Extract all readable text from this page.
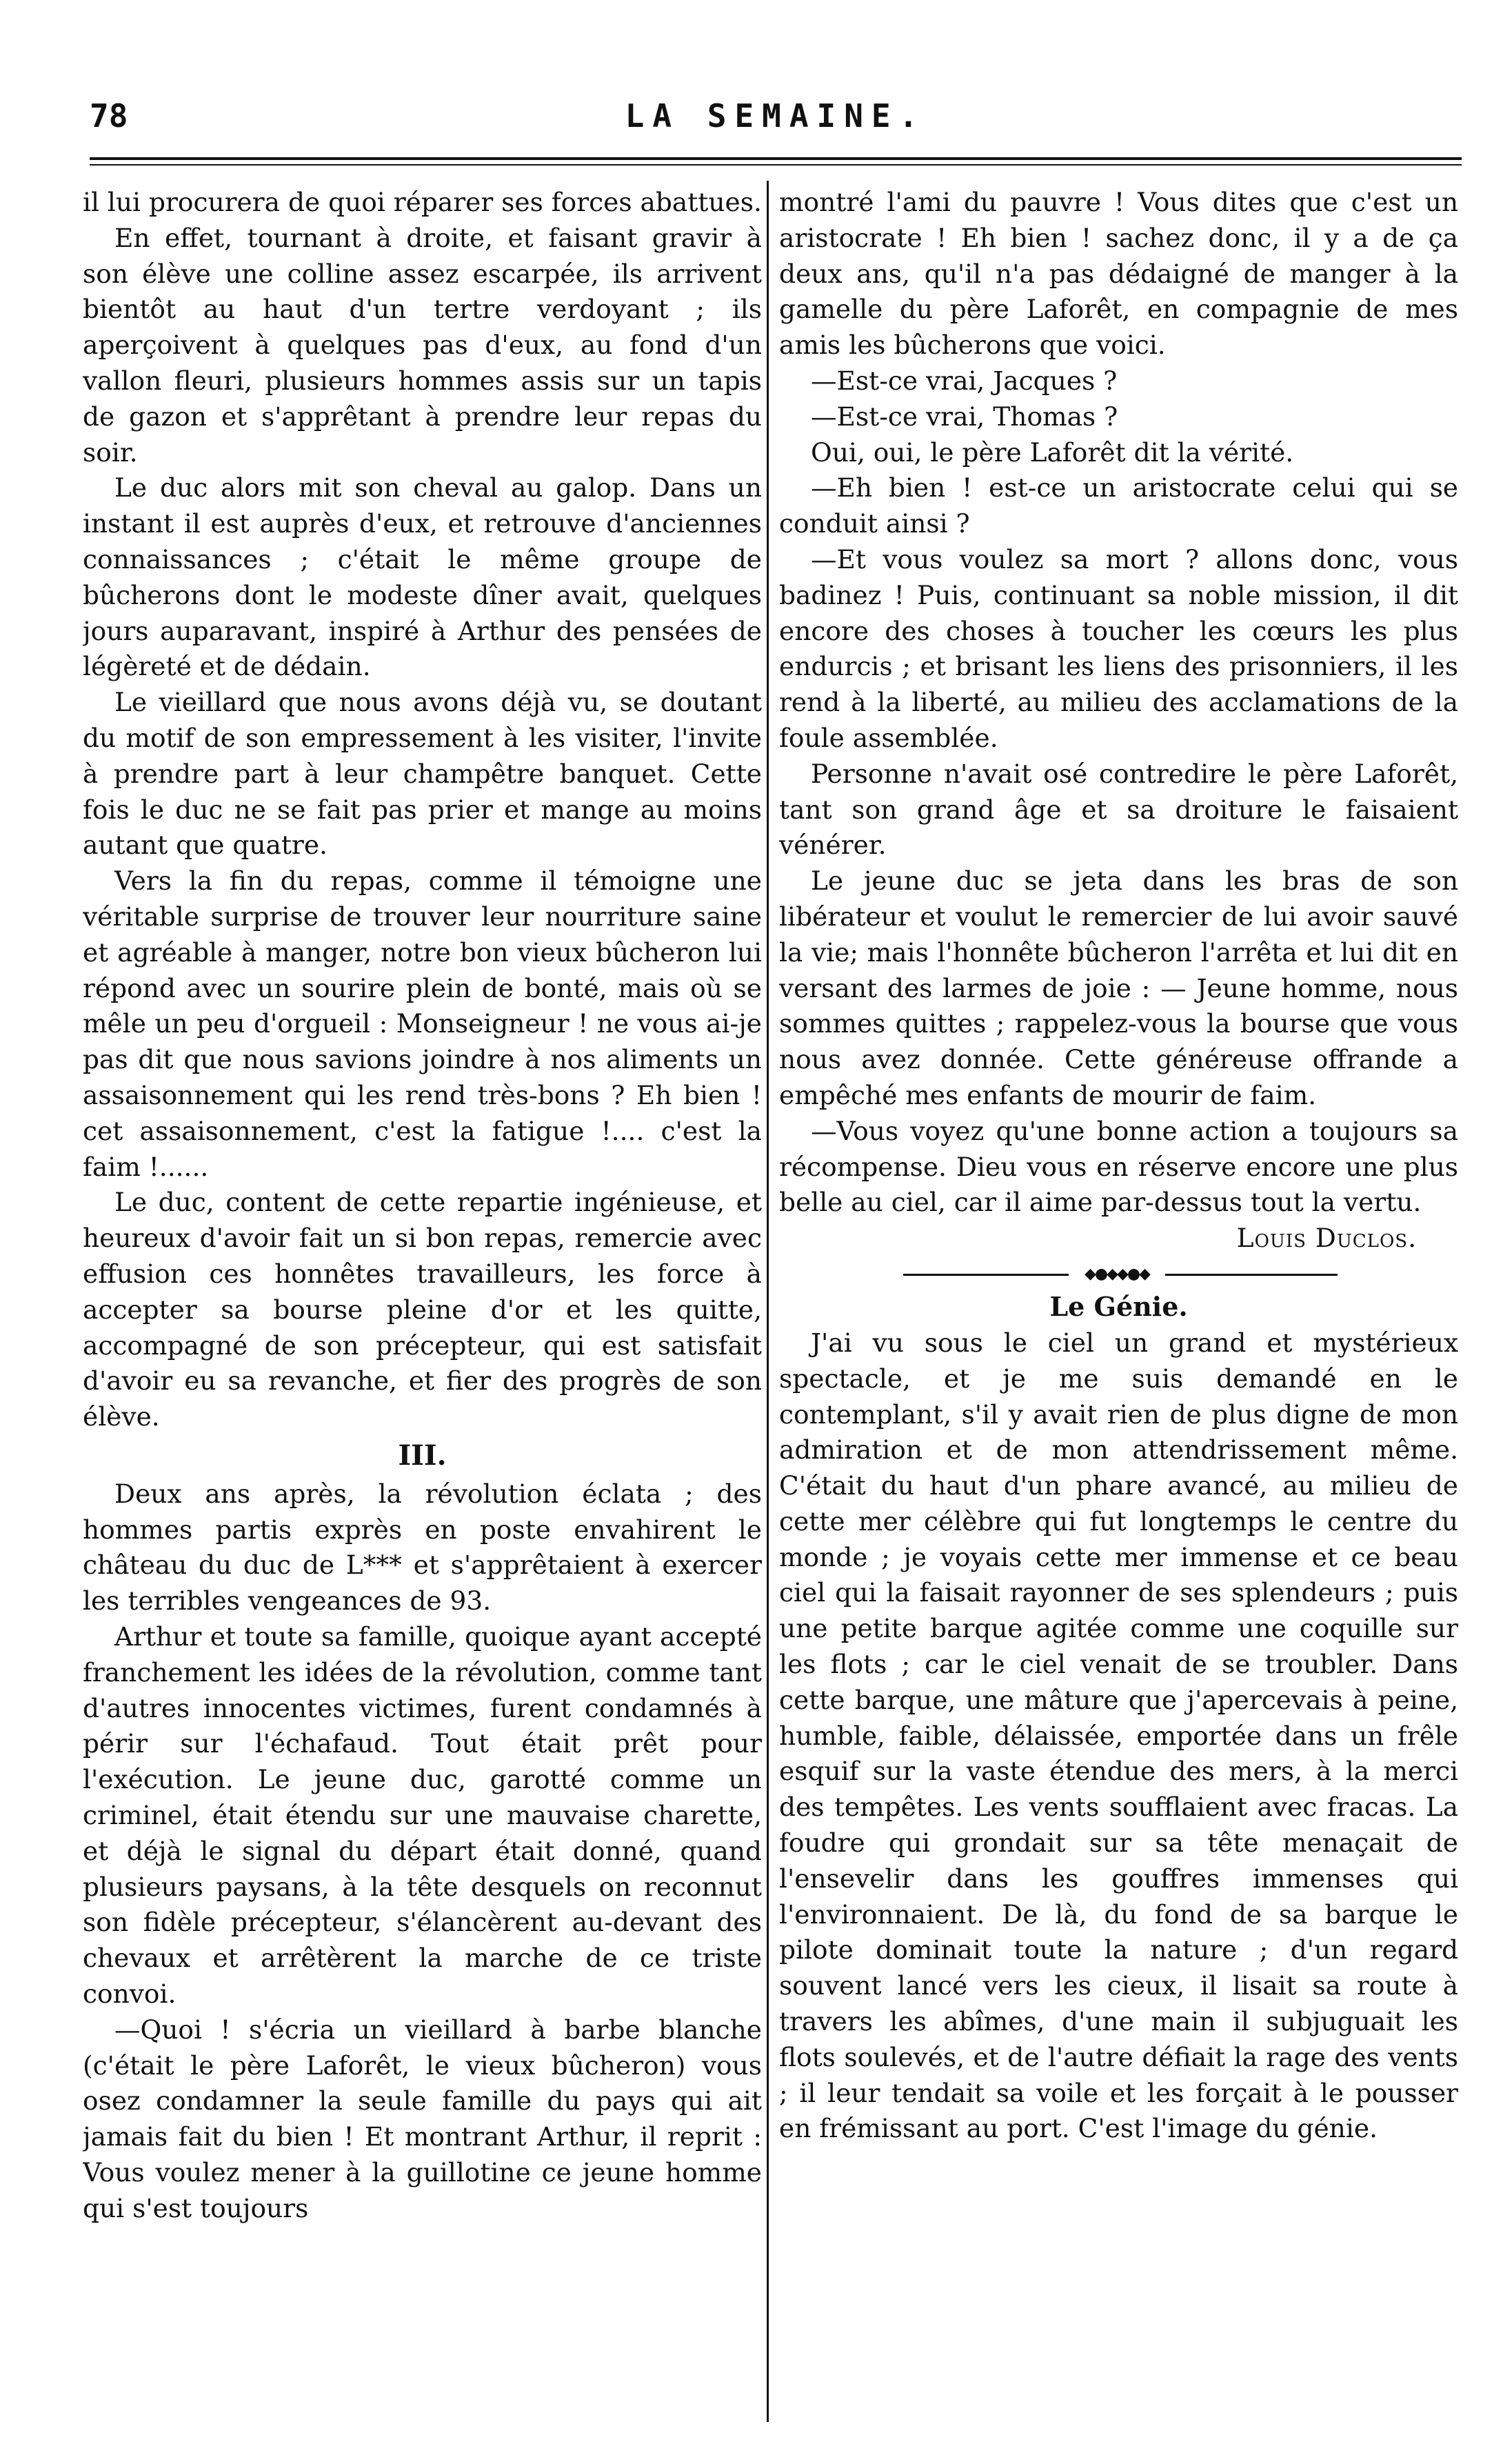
78	LA SEMAINE.

il lui procurera de quoi réparer ses forces abattues.

En effet, tournant à droite, et faisant gravir à son élève une colline assez escarpée, ils arrivent bientôt au haut d'un tertre verdoyant ; ils aperçoivent à quelques pas d'eux, au fond d'un vallon fleuri, plusieurs hommes assis sur un tapis de gazon et s'apprêtant à prendre leur repas du soir.

Le duc alors mit son cheval au galop. Dans un instant il est auprès d'eux, et retrouve d'anciennes connaissances ; c'était le même groupe de bûcherons dont le modeste dîner avait, quelques jours auparavant, inspiré à Arthur des pensées de légèreté et de dédain.

Le vieillard que nous avons déjà vu, se doutant du motif de son empressement à les visiter, l'invite à prendre part à leur champêtre banquet. Cette fois le duc ne se fait pas prier et mange au moins autant que quatre.

Vers la fin du repas, comme il témoigne une véritable surprise de trouver leur nourriture saine et agréable à manger, notre bon vieux bûcheron lui répond avec un sourire plein de bonté, mais où se mêle un peu d'orgueil : Monseigneur ! ne vous ai-je pas dit que nous savions joindre à nos aliments un assaisonnement qui les rend très-bons ? Eh bien ! cet assaisonnement, c'est la fatigue !.... c'est la faim !......

Le duc, content de cette repartie ingénieuse, et heureux d'avoir fait un si bon repas, remercie avec effusion ces honnêtes travailleurs, les force à accepter sa bourse pleine d'or et les quitte, accompagné de son précepteur, qui est satisfait d'avoir eu sa revanche, et fier des progrès de son élève.

III.

Deux ans après, la révolution éclata ; des hommes partis exprès en poste envahirent le château du duc de L*** et s'apprêtaient à exercer les terribles vengeances de 93.

Arthur et toute sa famille, quoique ayant accepté franchement les idées de la révolution, comme tant d'autres innocentes victimes, furent condamnés à périr sur l'échafaud. Tout était prêt pour l'exécution. Le jeune duc, garotté comme un criminel, était étendu sur une mauvaise charette, et déjà le signal du départ était donné, quand plusieurs paysans, à la tête desquels on reconnut son fidèle précepteur, s'élancèrent au-devant des chevaux et arrêtèrent la marche de ce triste convoi.

—Quoi ! s'écria un vieillard à barbe blanche (c'était le père Laforêt, le vieux bûcheron) vous osez condamner la seule famille du pays qui ait jamais fait du bien ! Et montrant Arthur, il reprit : Vous voulez mener à la guillotine ce jeune homme qui s'est toujours

montré l'ami du pauvre ! Vous dites que c'est un aristocrate ! Eh bien ! sachez donc, il y a de ça deux ans, qu'il n'a pas dédaigné de manger à la gamelle du père Laforêt, en compagnie de mes amis les bûcherons que voici.

—Est-ce vrai, Jacques ?

—Est-ce vrai, Thomas ?

Oui, oui, le père Laforêt dit la vérité.

—Eh bien ! est-ce un aristocrate celui qui se conduit ainsi ?

—Et vous voulez sa mort ? allons donc, vous badinez ! Puis, continuant sa noble mission, il dit encore des choses à toucher les cœurs les plus endurcis ; et brisant les liens des prisonniers, il les rend à la liberté, au milieu des acclamations de la foule assemblée.

Personne n'avait osé contredire le père Laforêt, tant son grand âge et sa droiture le faisaient vénérer.

Le jeune duc se jeta dans les bras de son libérateur et voulut le remercier de lui avoir sauvé la vie; mais l'honnête bûcheron l'arrêta et lui dit en versant des larmes de joie : — Jeune homme, nous sommes quittes ; rappelez-vous la bourse que vous nous avez donnée. Cette généreuse offrande a empêché mes enfants de mourir de faim.

—Vous voyez qu'une bonne action a toujours sa récompense. Dieu vous en réserve encore une plus belle au ciel, car il aime par-dessus tout la vertu.

Louis Duclos.

◆●◆◆●◆

Le Génie.

J'ai vu sous le ciel un grand et mystérieux spectacle, et je me suis demandé en le contemplant, s'il y avait rien de plus digne de mon admiration et de mon attendrissement même. C'était du haut d'un phare avancé, au milieu de cette mer célèbre qui fut longtemps le centre du monde ; je voyais cette mer immense et ce beau ciel qui la faisait rayonner de ses splendeurs ; puis une petite barque agitée comme une coquille sur les flots ; car le ciel venait de se troubler. Dans cette barque, une mâture que j'apercevais à peine, humble, faible, délaissée, emportée dans un frêle esquif sur la vaste étendue des mers, à la merci des tempêtes. Les vents soufflaient avec fracas. La foudre qui grondait sur sa tête menaçait de l'ensevelir dans les gouffres immenses qui l'environnaient. De là, du fond de sa barque le pilote dominait toute la nature ; d'un regard souvent lancé vers les cieux, il lisait sa route à travers les abîmes, d'une main il subjuguait les flots soulevés, et de l'autre défiait la rage des vents ; il leur tendait sa voile et les forçait à le pousser en frémissant au port. C'est l'image du génie.
